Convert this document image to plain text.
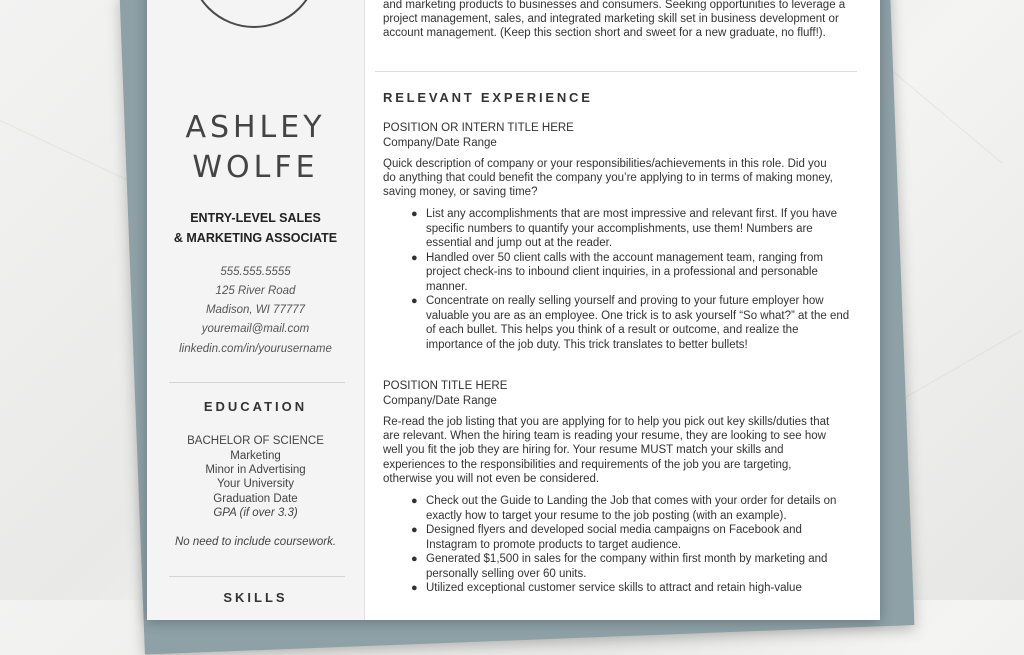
ASHLEY
WOLFE
ENTRY-LEVEL SALES
& MARKETING ASSOCIATE
555.555.5555
125 River Road
Madison, WI 77777
youremail@mail.com
linkedin.com/in/yourusername
EDUCATION
BACHELOR OF SCIENCE
Marketing
Minor in Advertising
Your University
Graduation Date
GPA (if over 3.3)
No need to include coursework.
SKILLS
and marketing products to businesses and consumers. Seeking opportunities to leverage a
project management, sales, and integrated marketing skill set in business development or
account management. (Keep this section short and sweet for a new graduate, no fluff!).
RELEVANT EXPERIENCE
POSITION OR INTERN TITLE HERE
Company/Date Range
Quick description of company or your responsibilities/achievements in this role. Did you
do anything that could benefit the company you’re applying to in terms of making money,
saving money, or saving time?
● List any accomplishments that are most impressive and relevant first. If you have
specific numbers to quantify your accomplishments, use them! Numbers are
essential and jump out at the reader.
● Handled over 50 client calls with the account management team, ranging from
project check-ins to inbound client inquiries, in a professional and personable
manner.
● Concentrate on really selling yourself and proving to your future employer how
valuable you are as an employee. One trick is to ask yourself “So what?” at the end
of each bullet. This helps you think of a result or outcome, and realize the
importance of the job duty. This trick translates to better bullets!
POSITION TITLE HERE
Company/Date Range
Re-read the job listing that you are applying for to help you pick out key skills/duties that
are relevant. When the hiring team is reading your resume, they are looking to see how
well you fit the job they are hiring for. Your resume MUST match your skills and
experiences to the responsibilities and requirements of the job you are targeting,
otherwise you will not even be considered.
● Check out the Guide to Landing the Job that comes with your order for details on
exactly how to target your resume to the job posting (with an example).
● Designed flyers and developed social media campaigns on Facebook and
Instagram to promote products to target audience.
● Generated $1,500 in sales for the company within first month by marketing and
personally selling over 60 units.
● Utilized exceptional customer service skills to attract and retain high-value
